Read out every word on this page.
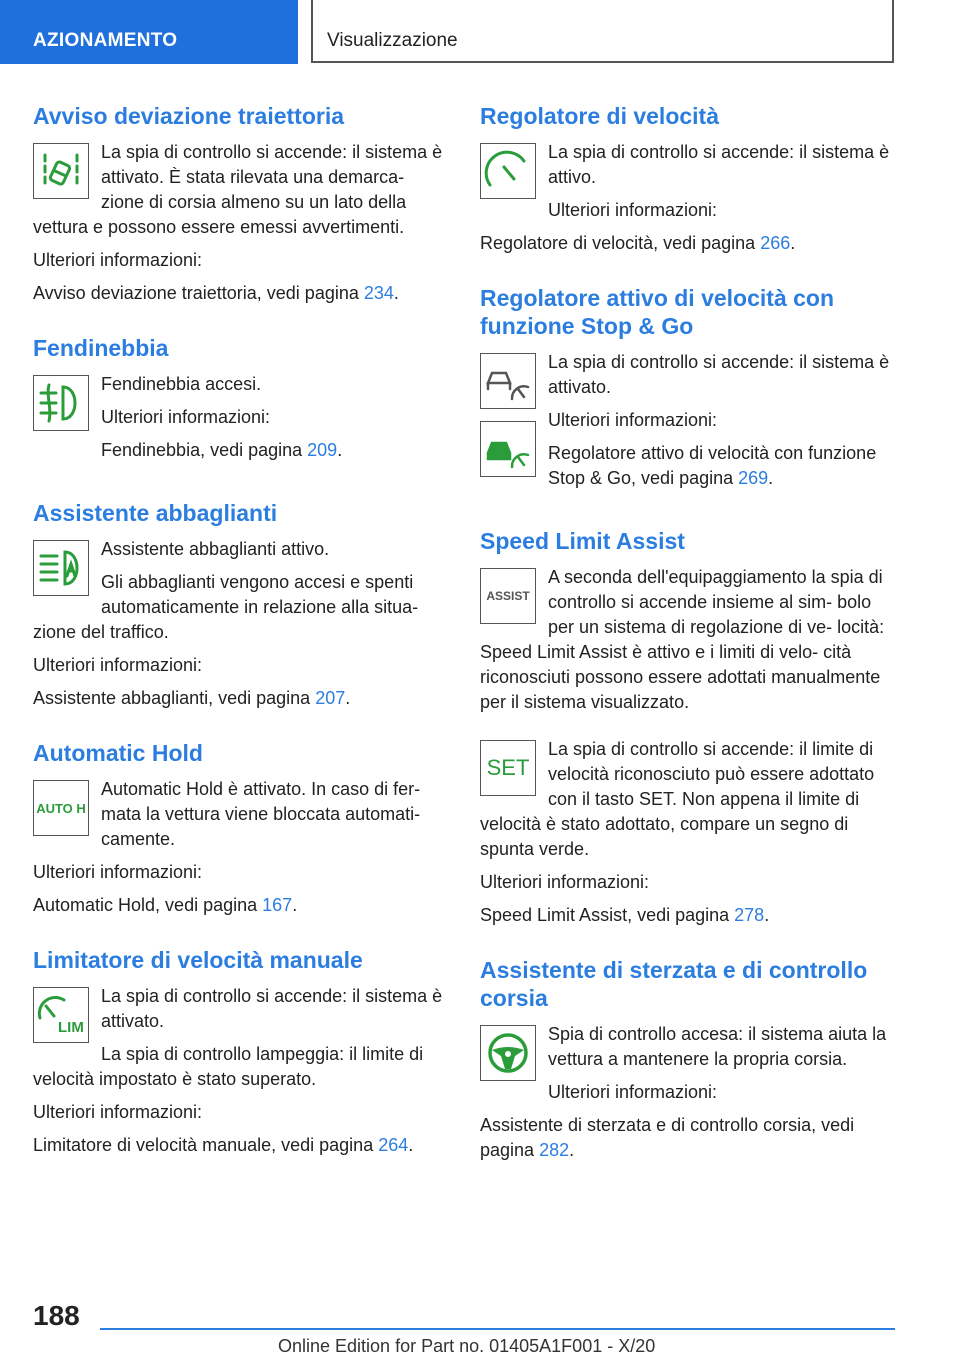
AZIONAMENTO	Visualizzazione
Avviso deviazione traiettoria

La spia di controllo si accende: il sistema è attivato. È stata rilevata una demarca- zione di corsia almeno su un lato della vettura e possono essere emessi avvertimenti.

Ulteriori informazioni:

Avviso deviazione traiettoria, vedi pagina 234.

Fendinebbia

Fendinebbia accesi.

Ulteriori informazioni:

Fendinebbia, vedi pagina 209.

Assistente abbaglianti

Assistente abbaglianti attivo.

Gli abbaglianti vengono accesi e spenti automaticamente in relazione alla situa- zione del traffico.

Ulteriori informazioni:

Assistente abbaglianti, vedi pagina 207.

Automatic Hold
AUTO H

Automatic Hold è attivato. In caso di fer- mata la vettura viene bloccata automati- camente.

Ulteriori informazioni:

Automatic Hold, vedi pagina 167.

Limitatore di velocità manuale
LIM

La spia di controllo si accende: il sistema è attivato.

La spia di controllo lampeggia: il limite di velocità impostato è stato superato.

Ulteriori informazioni:

Limitatore di velocità manuale, vedi pagina 264.

Regolatore di velocità

La spia di controllo si accende: il sistema è attivo.

Ulteriori informazioni:

Regolatore di velocità, vedi pagina 266.

Regolatore attivo di velocità con funzione Stop & Go

La spia di controllo si accende: il sistema è attivato.

Ulteriori informazioni:

Regolatore attivo di velocità con funzione Stop & Go, vedi pagina 269.

Speed Limit Assist
ASSIST

A seconda dell'equipaggiamento la spia di controllo si accende insieme al sim- bolo per un sistema di regolazione di ve- locità: Speed Limit Assist è attivo e i limiti di velo- cità riconosciuti possono essere adottati manualmente per il sistema visualizzato.

SET

La spia di controllo si accende: il limite di velocità riconosciuto può essere adottato con il tasto SET. Non appena il limite di velocità è stato adottato, compare un segno di spunta verde.

Ulteriori informazioni:

Speed Limit Assist, vedi pagina 278.

Assistente di sterzata e di controllo corsia

Spia di controllo accesa: il sistema aiuta la vettura a mantenere la propria corsia.

Ulteriori informazioni:

Assistente di sterzata e di controllo corsia, vedi pagina 282.

188
Online Edition for Part no. 01405A1F001 - X/20
